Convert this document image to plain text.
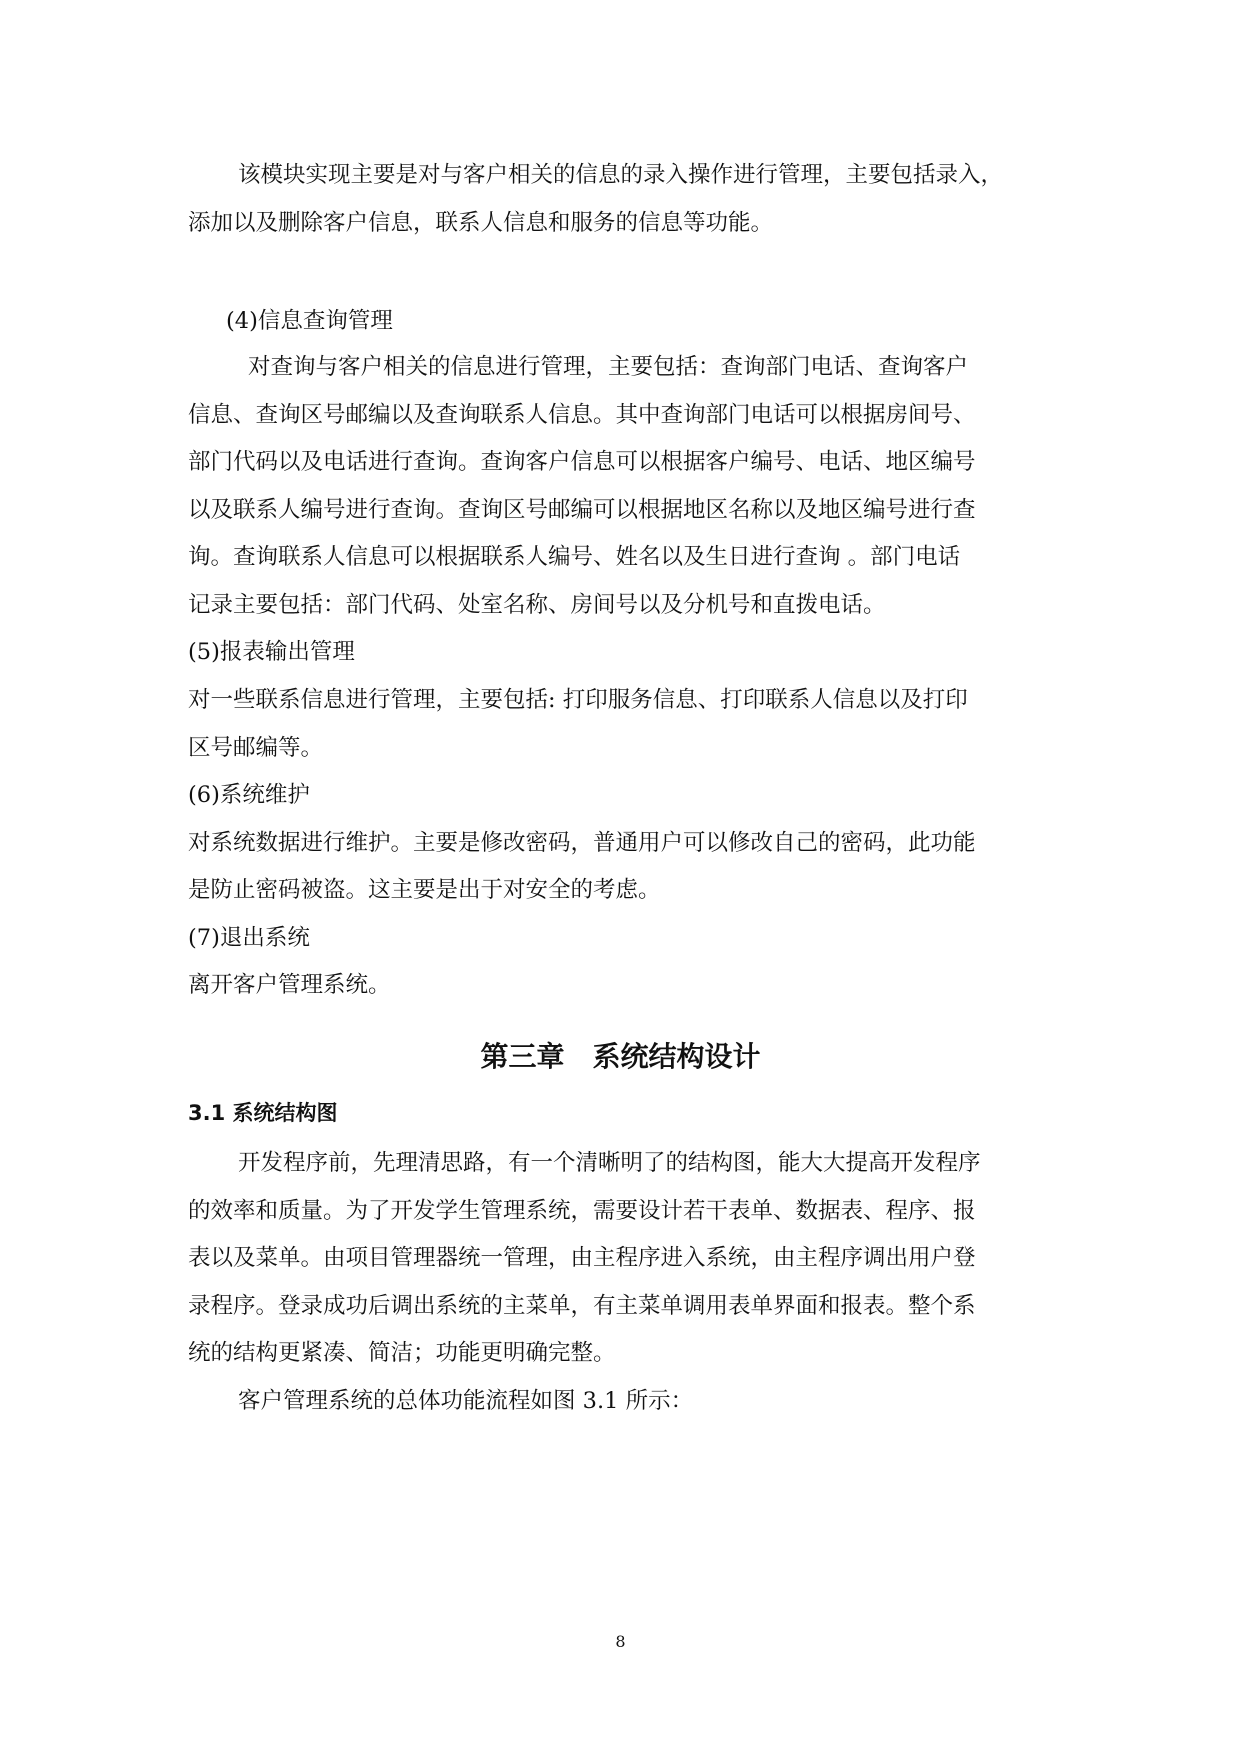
该模块实现主要是对与客户相关的信息的录入操作进行管理，主要包括录入，
添加以及删除客户信息，联系人信息和服务的信息等功能。
(4)信息查询管理
对查询与客户相关的信息进行管理，主要包括：查询部门电话、查询客户
信息、查询区号邮编以及查询联系人信息。其中查询部门电话可以根据房间号、
部门代码以及电话进行查询。查询客户信息可以根据客户编号、电话、地区编号
以及联系人编号进行查询。查询区号邮编可以根据地区名称以及地区编号进行查
询。查询联系人信息可以根据联系人编号、姓名以及生日进行查询 。部门电话
记录主要包括：部门代码、处室名称、房间号以及分机号和直拨电话。
(5)报表输出管理
对一些联系信息进行管理，主要包括: 打印服务信息、打印联系人信息以及打印
区号邮编等。
(6)系统维护
对系统数据进行维护。主要是修改密码，普通用户可以修改自己的密码，此功能
是防止密码被盗。这主要是出于对安全的考虑。
(7)退出系统
离开客户管理系统。
第三章　系统结构设计
3.1 系统结构图
开发程序前，先理清思路，有一个清晰明了的结构图，能大大提高开发程序
的效率和质量。为了开发学生管理系统，需要设计若干表单、数据表、程序、报
表以及菜单。由项目管理器统一管理，由主程序进入系统，由主程序调出用户登
录程序。登录成功后调出系统的主菜单，有主菜单调用表单界面和报表。整个系
统的结构更紧凑、简洁；功能更明确完整。
客户管理系统的总体功能流程如图 3.1 所示：
8
